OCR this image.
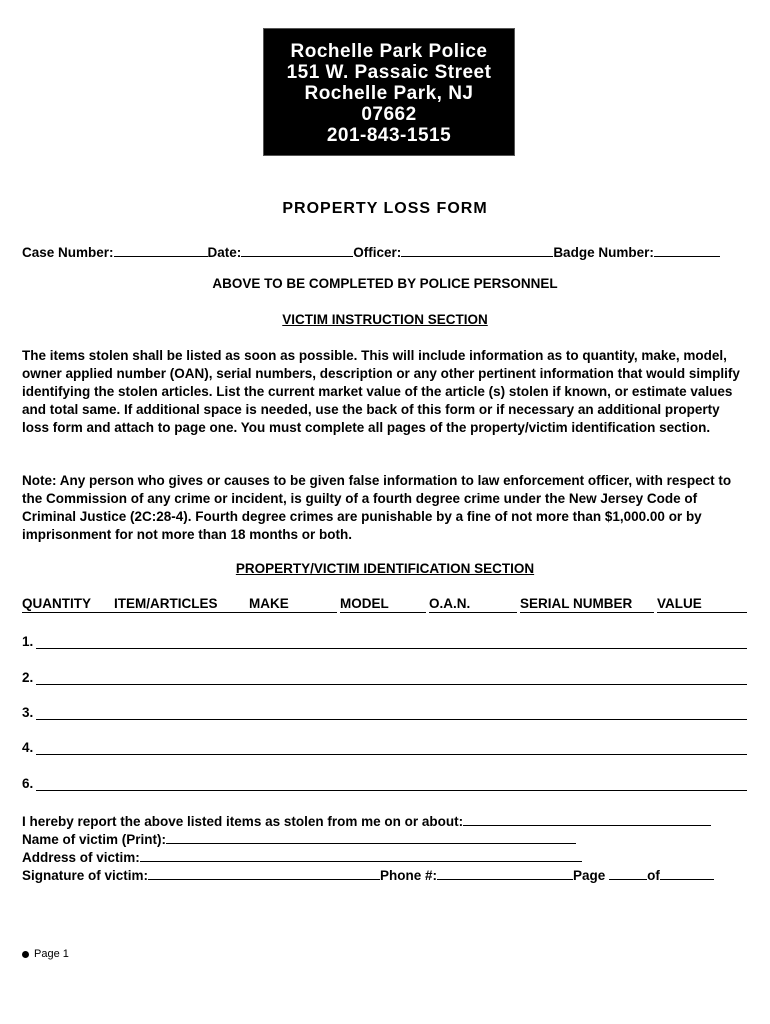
Rochelle Park Police
151 W. Passaic Street
Rochelle Park, NJ
07662
201-843-1515
PROPERTY LOSS FORM
Case Number:	Date:	Officer:	Badge Number:
ABOVE TO BE COMPLETED BY POLICE PERSONNEL
VICTIM INSTRUCTION SECTION
The items stolen shall be listed as soon as possible. This will include information as to quantity, make, model, owner applied number (OAN), serial numbers, description or any other pertinent information that would simplify identifying the stolen articles. List the current market value of the article (s) stolen if known, or estimate values and total same. If additional space is needed, use the back of this form or if necessary an additional property loss form and attach to page one. You must complete all pages of the property/victim identification section.
Note: Any person who gives or causes to be given false information to law enforcement officer, with respect to the Commission of any crime or incident, is guilty of a fourth degree crime under the New Jersey Code of Criminal Justice (2C:28-4). Fourth degree crimes are punishable by a fine of not more than $1,000.00 or by imprisonment for not more than 18 months or both.
PROPERTY/VICTIM IDENTIFICATION SECTION
QUANTITY	ITEM/ARTICLES	MAKE	MODEL	O.A.N.	SERIAL NUMBER	VALUE
1.
2.
3.
4.
6.
I hereby report the above listed items as stolen from me on or about:
Name of victim (Print):
Address of victim:
Signature of victim:	Phone #:	Page	of
Page 1
